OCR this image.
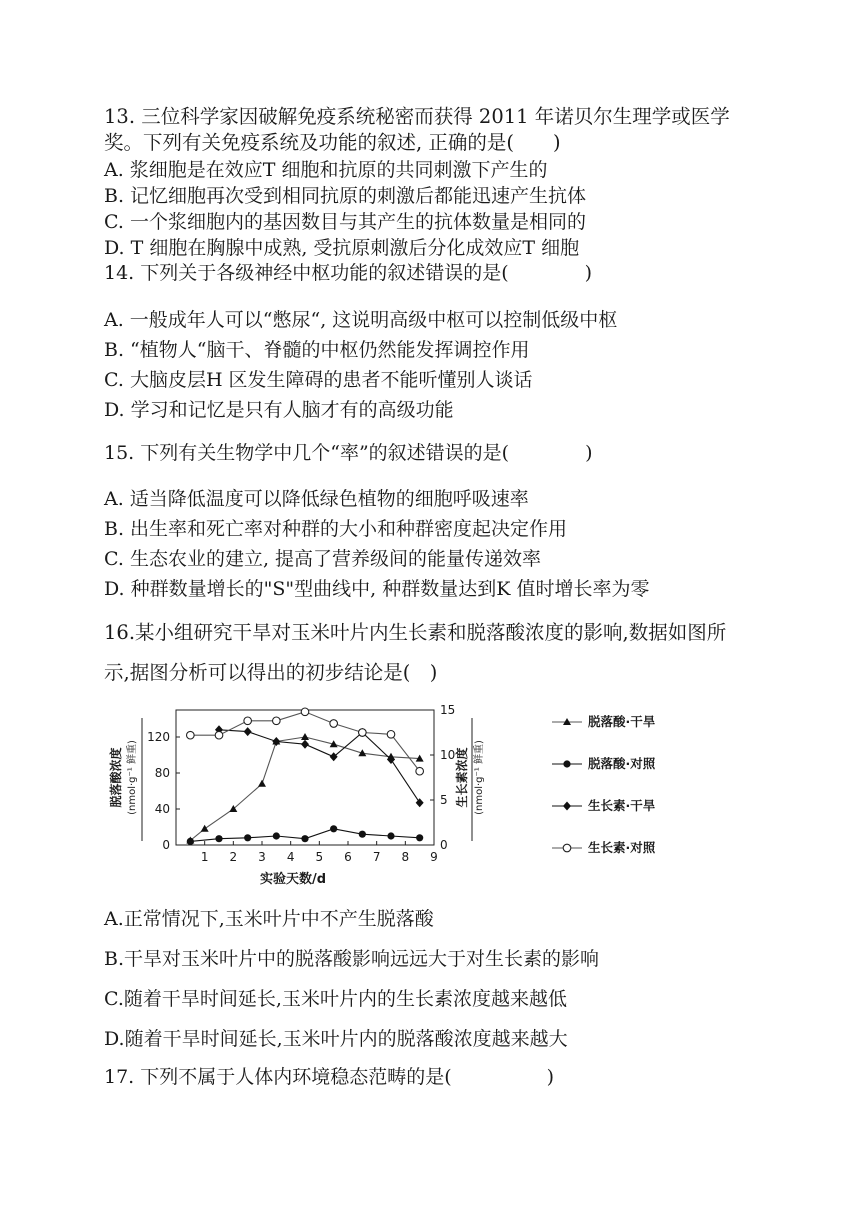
13. 三位科学家因破解免疫系统秘密而获得 2011 年诺贝尔生理学或医学
奖。下列有关免疫系统及功能的叙述, 正确的是(　　)
A. 浆细胞是在效应T 细胞和抗原的共同刺激下产生的
B. 记忆细胞再次受到相同抗原的刺激后都能迅速产生抗体
C. 一个浆细胞内的基因数目与其产生的抗体数量是相同的
D. T 细胞在胸腺中成熟, 受抗原刺激后分化成效应T 细胞
14. 下列关于各级神经中枢功能的叙述错误的是(　　　　)
A. 一般成年人可以“憋尿“, 这说明高级中枢可以控制低级中枢
B. “植物人“脑干、脊髓的中枢仍然能发挥调控作用
C. 大脑皮层H 区发生障碍的患者不能听懂别人谈话
D. 学习和记忆是只有人脑才有的高级功能
15. 下列有关生物学中几个“率”的叙述错误的是(　　　　)
A. 适当降低温度可以降低绿色植物的细胞呼吸速率
B. 出生率和死亡率对种群的大小和种群密度起决定作用
C. 生态农业的建立, 提高了营养级间的能量传递效率
D. 种群数量增长的"S"型曲线中, 种群数量达到K 值时增长率为零
16.某小组研究干旱对玉米叶片内生长素和脱落酸浓度的影响,数据如图所
示,据图分析可以得出的初步结论是(　)
1 2 3 4 5 6 7 8 9
实验天数/d
0
40
80
120
0
5
10
15
脱落酸浓度 (nmol·g⁻¹ 鲜重)	生长素浓度 (nmol·g⁻¹ 鲜重)
脱落酸·干旱
脱落酸·对照
生长素·干旱
生长素·对照
A.正常情况下,玉米叶片中不产生脱落酸
B.干旱对玉米叶片中的脱落酸影响远远大于对生长素的影响
C.随着干旱时间延长,玉米叶片内的生长素浓度越来越低
D.随着干旱时间延长,玉米叶片内的脱落酸浓度越来越大
17. 下列不属于人体内环境稳态范畴的是(　　　　　)
